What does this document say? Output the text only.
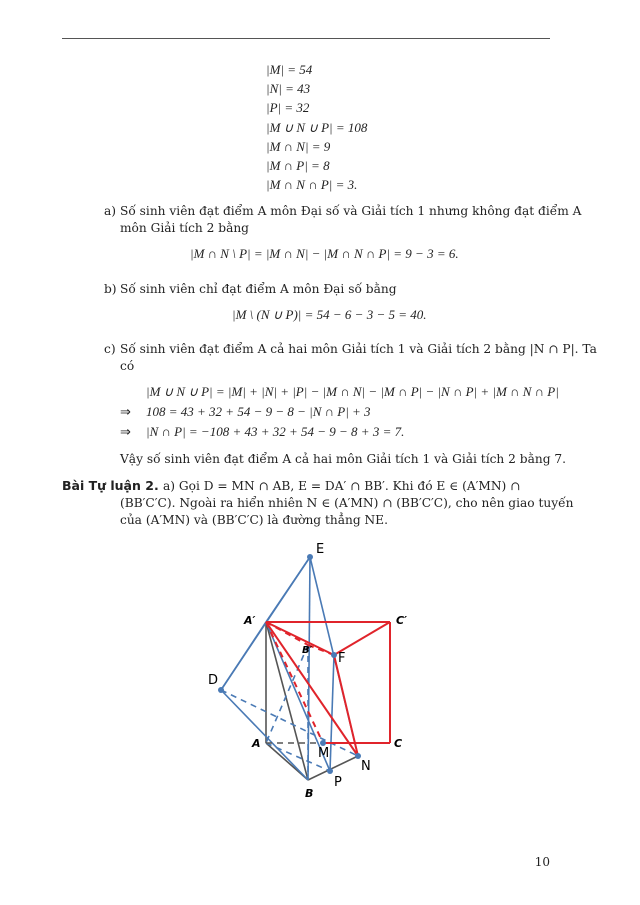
|M| = 54
|N| = 43
|P| = 32
|M ∪ N ∪ P| = 108
|M ∩ N| = 9
|M ∩ P| = 8
|M ∩ N ∩ P| = 3.
a) Số sinh viên đạt điểm A môn Đại số và Giải tích 1 nhưng không đạt điểm A
môn Giải tích 2 bằng
|M ∩ N \ P| = |M ∩ N| − |M ∩ N ∩ P| = 9 − 3 = 6.
b) Số sinh viên chỉ đạt điểm A môn Đại số bằng
|M \ (N ∪ P)| = 54 − 6 − 3 − 5 = 40.
c) Số sinh viên đạt điểm A cả hai môn Giải tích 1 và Giải tích 2 bằng |N ∩ P|. Ta
có
|M ∪ N ∪ P| = |M| + |N| + |P| − |M ∩ N| − |M ∩ P| − |N ∩ P| + |M ∩ N ∩ P|
⇒ 108 = 43 + 32 + 54 − 9 − 8 − |N ∩ P| + 3
⇒ |N ∩ P| = −108 + 43 + 32 + 54 − 9 − 8 + 3 = 7.
Vậy số sinh viên đạt điểm A cả hai môn Giải tích 1 và Giải tích 2 bằng 7.
Bài Tự luận 2. a) Gọi D = MN ∩ AB, E = DA′ ∩ BB′. Khi đó E ∈ (A′MN) ∩
(BB′C′C). Ngoài ra hiển nhiên N ∈ (A′MN) ∩ (BB′C′C), cho nên giao tuyến
của (A′MN) và (BB′C′C) là đường thẳng NE.
E
A′	C′
B′
F
D
A
M
C
N
B
P
10
